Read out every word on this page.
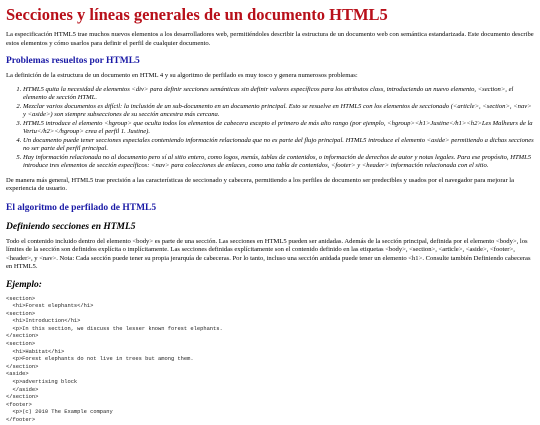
Secciones y líneas generales de un documento HTML5

La especificación HTML5 trae muchos nuevos elementos a los desarrolladores web, permitiéndoles describir la estructura de un documento web con semántica estandarizada. Este documento describe estos elementos y cómo usarlos para definir el perfil de cualquier documento.

Problemas resueltos por HTML5

La definición de la estructura de un documento en HTML 4 y su algoritmo de perfilado es muy tosco y genera numerosos problemas:

1. HTML5 quita la necesidad de elementos <div> para definir secciones semánticas sin definir valores específicos para los atributos class, introduciendo un nuevo elemento, <section>, el elemento de sección HTML.
2. Mezclar varios documentos es difícil: la inclusión de un sub-documento en un documento principal. Esto se resuelve en HTML5 con los elementos de seccionado (<article>, <section>, <nav> y <aside>) son siempre subsecciones de su sección ancestra más cercana.
3. HTML5 introduce el elemento <hgroup> que oculta todos los elementos de cabecera excepto el primero de más alto rango (por ejemplo, <hgroup><h1>Justine</h1><h2>Les Malheurs de la Vertu</h2></hgroup> crea el perfil 1. Justine).
4. Un documento puede tener secciones especiales conteniendo información relacionada que no es parte del flujo principal. HTML5 introduce el elemento <aside> permitiendo a dichas secciones no ser parte del perfil principal.
5. Hay información relacionada no al documento pero sí al sitio entero, como logos, menús, tablas de contenidos, o información de derechos de autor y notas legales. Para ese propósito, HTML5 introduce tres elementos de sección específicos: <nav> para colecciones de enlaces, como una tabla de contenidos, <footer> y <header> información relacionada con el sitio.

De manera más general, HTML5 trae precisión a las características de seccionado y cabecera, permitiendo a los perfiles de documento ser predecibles y usados por el navegador para mejorar la experiencia de usuario.

El algoritmo de perfilado de HTML5
Definiendo secciones en HTML5

Todo el contenido incluido dentro del elemento <body> es parte de una sección. Las secciones en HTML5 pueden ser anidadas. Además de la sección principal, definida por el elemento <body>, los límites de la sección son definidos explícita o implícitamente. Las secciones definidas explícitamente son el contenido definido en las etiquetas <body>, <section>, <article>, <aside>, <footer>, <header>, y <nav>. Nota: Cada sección puede tener su propia jerarquía de cabeceras. Por lo tanto, incluso una sección anidada puede tener un elemento <h1>. Consulte también Definiendo cabeceras en HTML5.

Ejemplo:
<section>
<h1>Forest elephants</h1>
<section>
<h1>Introduction</h1>
<p>In this section, we discuss the lesser known forest elephants.
</section>
<section>
<h1>Habitat</h1>
<p>Forest elephants do not live in trees but among them.
</section>
<aside>
<p>advertising block
</aside>
</section>
<footer>
<p>(c) 2010 The Example company
</footer>
